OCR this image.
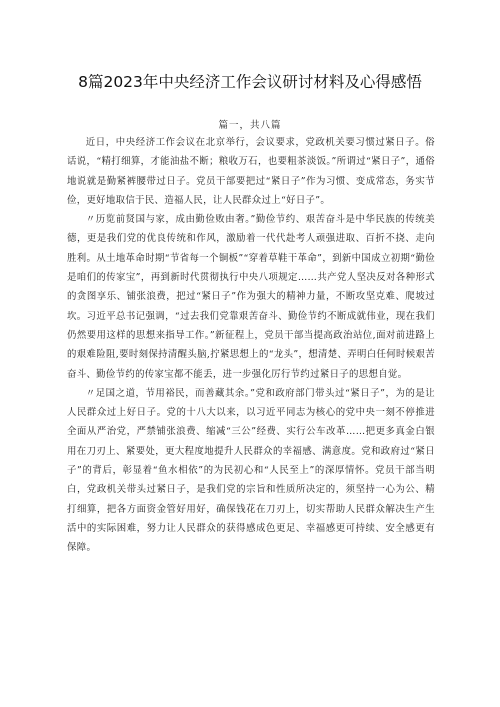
8篇2023年中央经济工作会议研讨材料及心得感悟
篇一，共八篇

近日，中央经济工作会议在北京举行，会议要求，党政机关要习惯过紧日子。俗话说，“精打细算，才能油盐不断；粮收万石，也要粗茶淡饭。”所谓过“紧日子”，通俗地说就是勤紧裤腰带过日子。党员干部要把过“紧日子”作为习惯、变成常态，务实节俭，更好地取信于民、造福人民，让人民群众过上“好日子”。

〃历览前贤国与家，成由勤俭败由奢。”勤俭节约、艰苦奋斗是中华民族的传统美德，更是我们党的优良传统和作风，激励着一代代赴考人顽强进取、百折不挠、走向胜利。从土地革命时期“节省每一个铜板”“穿着草鞋干革命”，到新中国成立初期“勤俭是咱们的传家宝”，再到新时代贯彻执行中央八项规定……共产党人坚决反对各种形式的贪图享乐、铺张浪费，把过“紧日子”作为强大的精神力量，不断攻坚克难、爬坡过坎。习近平总书记强调，“过去我们党靠艰苦奋斗、勤俭节约不断成就伟业，现在我们仍然要用这样的思想来指导工作。”新征程上，党员干部当提高政治站位,面对前进路上的艰难险阻,要时刻保持清醒头脑,拧紧思想上的“龙头”，想清楚、弄明白任何时候艰苦奋斗、勤俭节约的传家宝都不能丢，进一步强化厉行节约过紧日子的思想自觉。

〃足国之道，节用裕民，而善藏其余。”党和政府部门带头过“紧日子”，为的是让人民群众过上好日子。党的十八大以来，以习近平同志为核心的党中央一刻不停推进全面从严治党，严禁铺张浪费、缩减“三公”经费、实行公车改革……把更多真金白银用在刀刃上、紧要处，更大程度地提升人民群众的幸福感、满意度。党和政府过“紧日子”的背后，彰显着“鱼水相依”的为民初心和“人民至上”的深厚情怀。党员干部当明白，党政机关带头过紧日子，是我们党的宗旨和性质所决定的，须坚持一心为公、精打细算，把各方面资金管好用好，确保钱花在刀刃上，切实帮助人民群众解决生产生活中的实际困难，努力让人民群众的获得感成色更足、幸福感更可持续、安全感更有保障。
